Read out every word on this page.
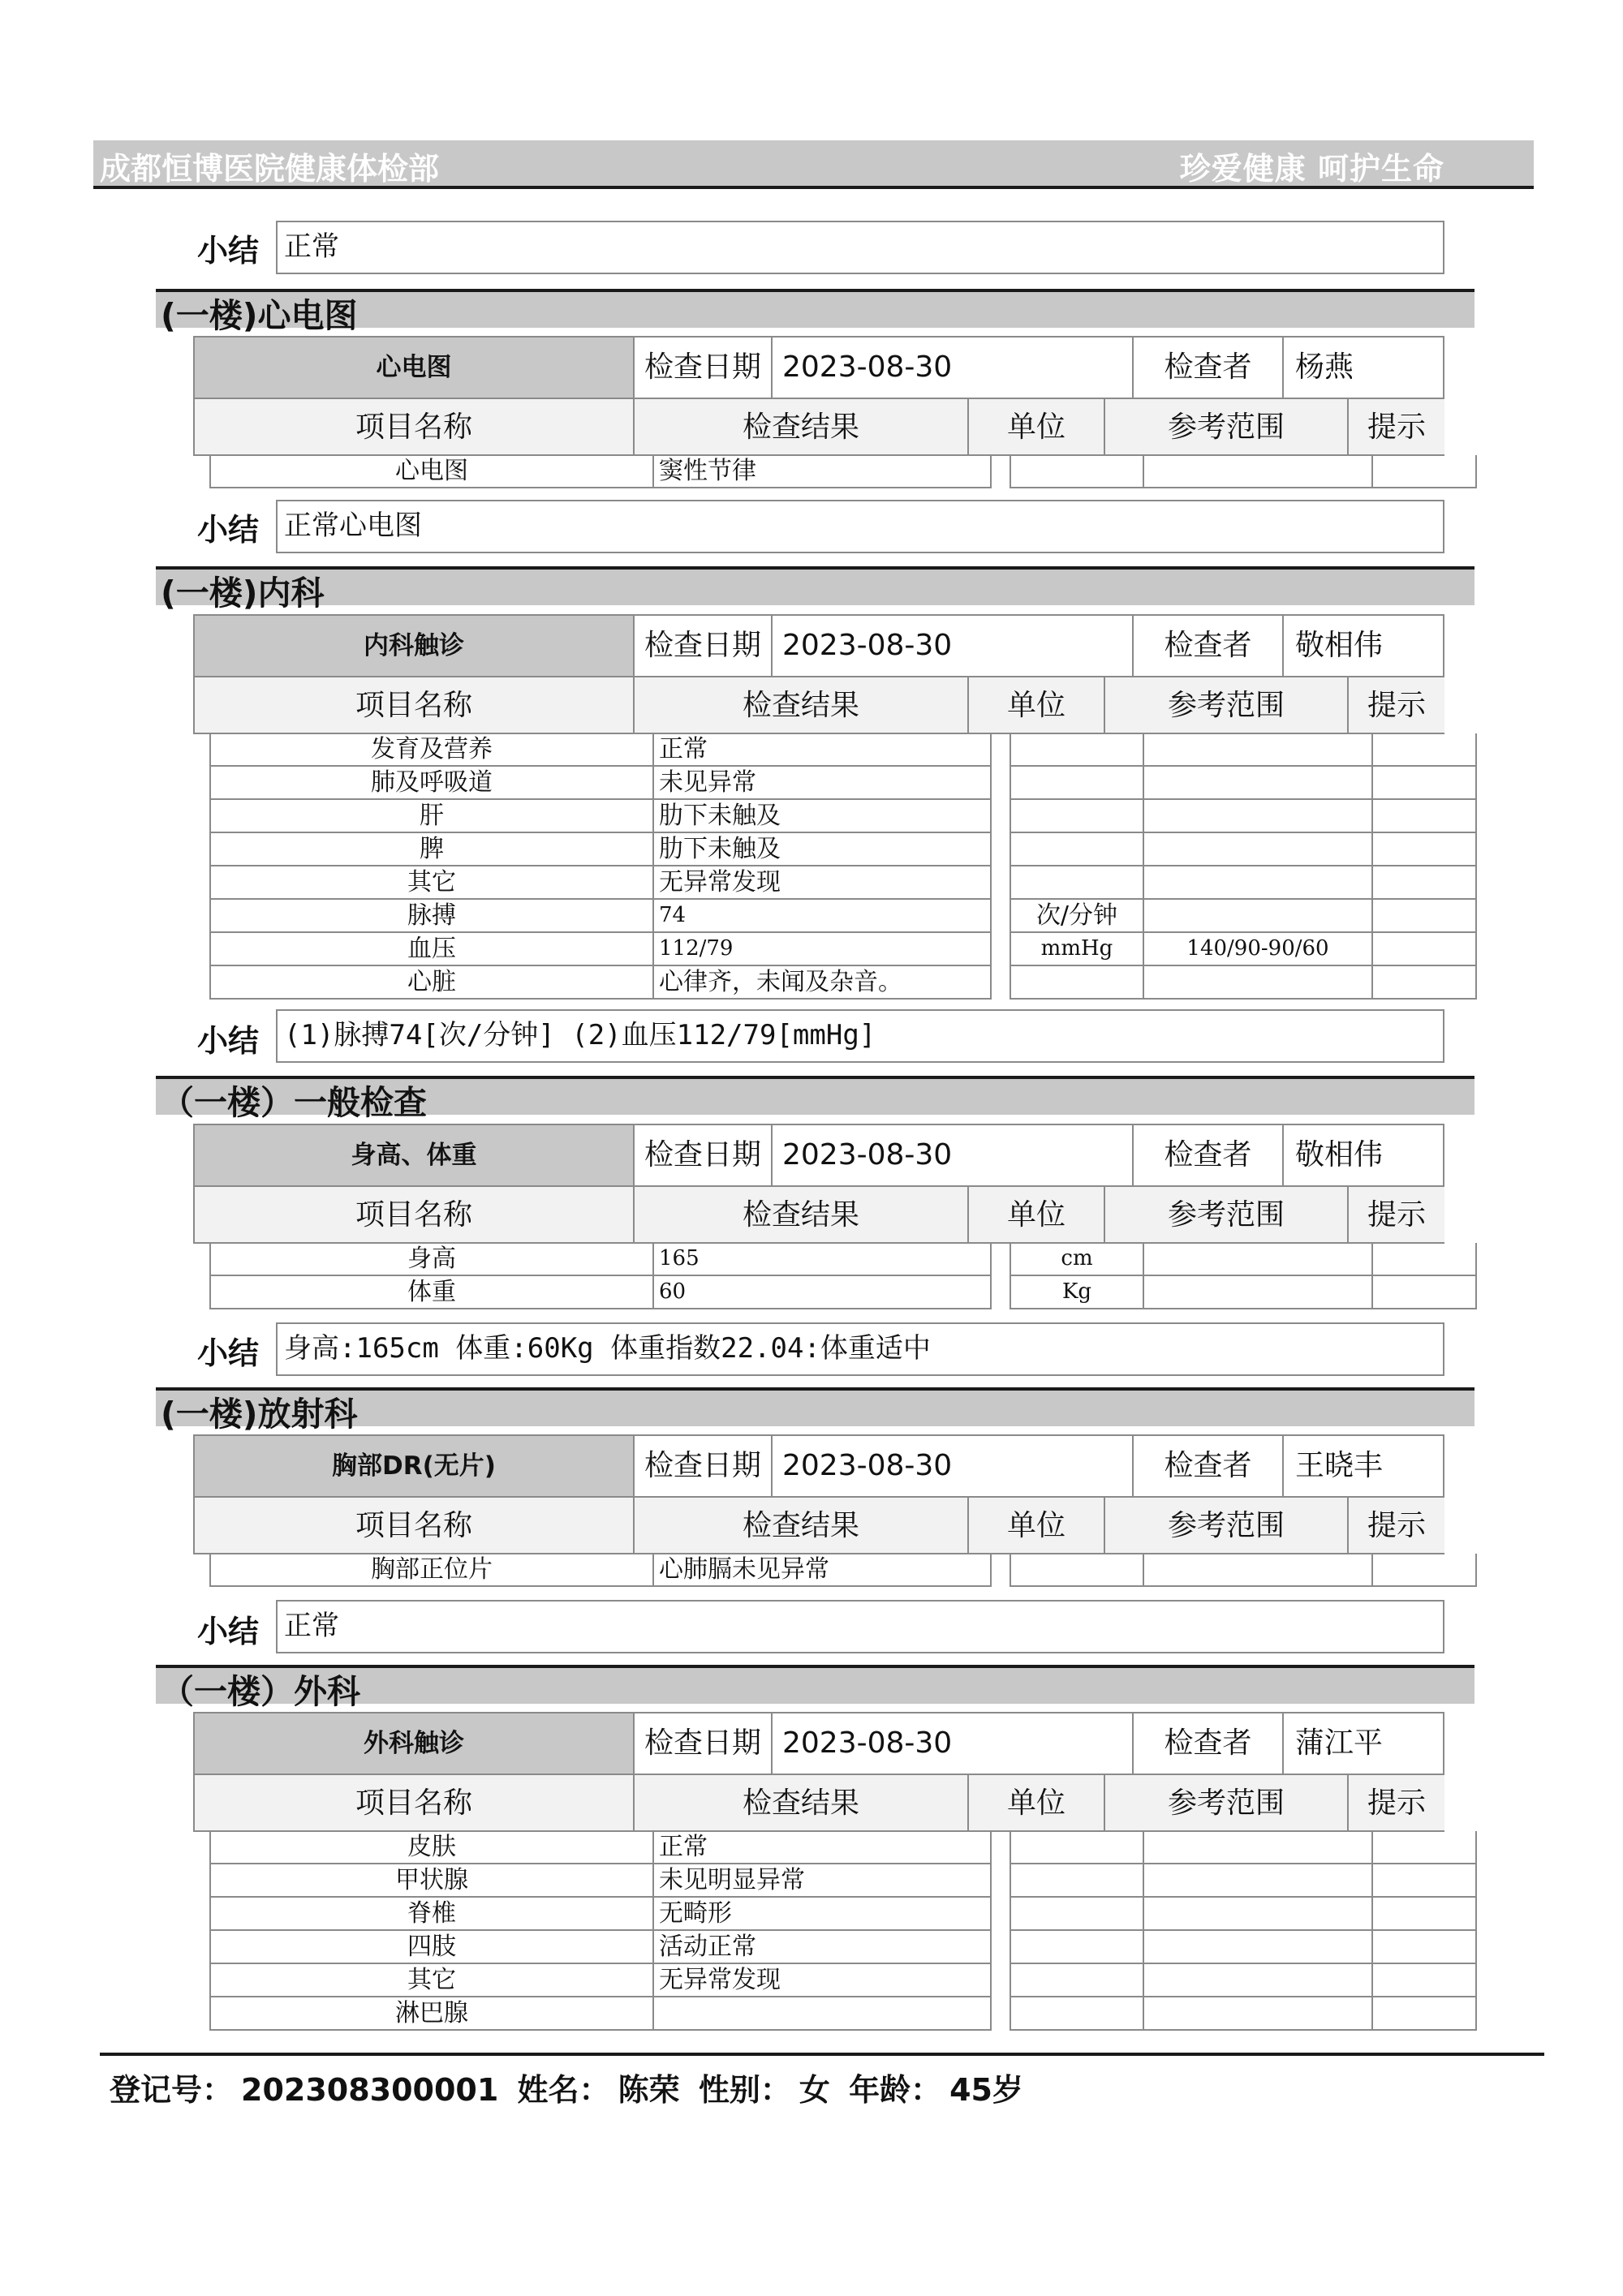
成都恒博医院健康体检部	珍爱健康 呵护生命
小结 正常
(一楼)心电图
心电图	检查日期 2023-08-30	检查者	杨燕
项目名称	检查结果	单位	参考范围	提示
心电图	窦性节律
小结 正常心电图
(一楼)内科
内科触诊	检查日期 2023-08-30	检查者	敬相伟
项目名称	检查结果	单位	参考范围	提示
发育及营养	正常
肺及呼吸道	未见异常
肝	肋下未触及
脾	肋下未触及
其它	无异常发现
脉搏	74	次/分钟
血压	112/79	mmHg	140/90-90/60
心脏	心律齐，未闻及杂音。
小结 (1)脉搏74[次/分钟] (2)血压112/79[mmHg]
（一楼）一般检查
身高、体重	检查日期 2023-08-30	检查者	敬相伟
项目名称	检查结果	单位	参考范围	提示
身高	165	cm
体重	60	Kg
小结 身高:165cm 体重:60Kg 体重指数22.04:体重适中
(一楼)放射科
胸部DR(无片)	检查日期 2023-08-30	检查者	王晓丰
项目名称	检查结果	单位	参考范围	提示
胸部正位片	心肺膈未见异常
小结 正常
（一楼）外科
外科触诊	检查日期 2023-08-30	检查者	蒲江平
项目名称	检查结果	单位	参考范围	提示
皮肤	正常
甲状腺	未见明显异常
脊椎	无畸形
四肢	活动正常
其它	无异常发现
淋巴腺
登记号： 202308300001 姓名： 陈荣 性别： 女 年龄： 45岁
